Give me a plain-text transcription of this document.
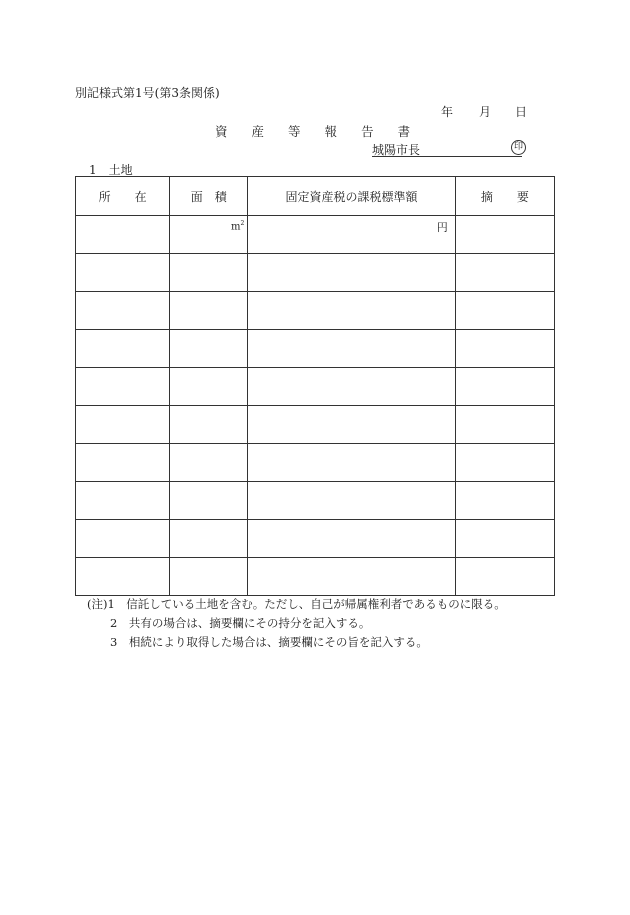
別記様式第1号(第3条関係)
年 月 日
資 産 等 報 告 書
城陽市長	印
1　土地
所　　在	面　積	固定資産税の課税標準額	摘　　要

	$m^2$	円	

(注)1　信託している土地を含む。ただし、自己が帰属権利者であるものに限る。
2　共有の場合は、摘要欄にその持分を記入する。
3　相続により取得した場合は、摘要欄にその旨を記入する。
